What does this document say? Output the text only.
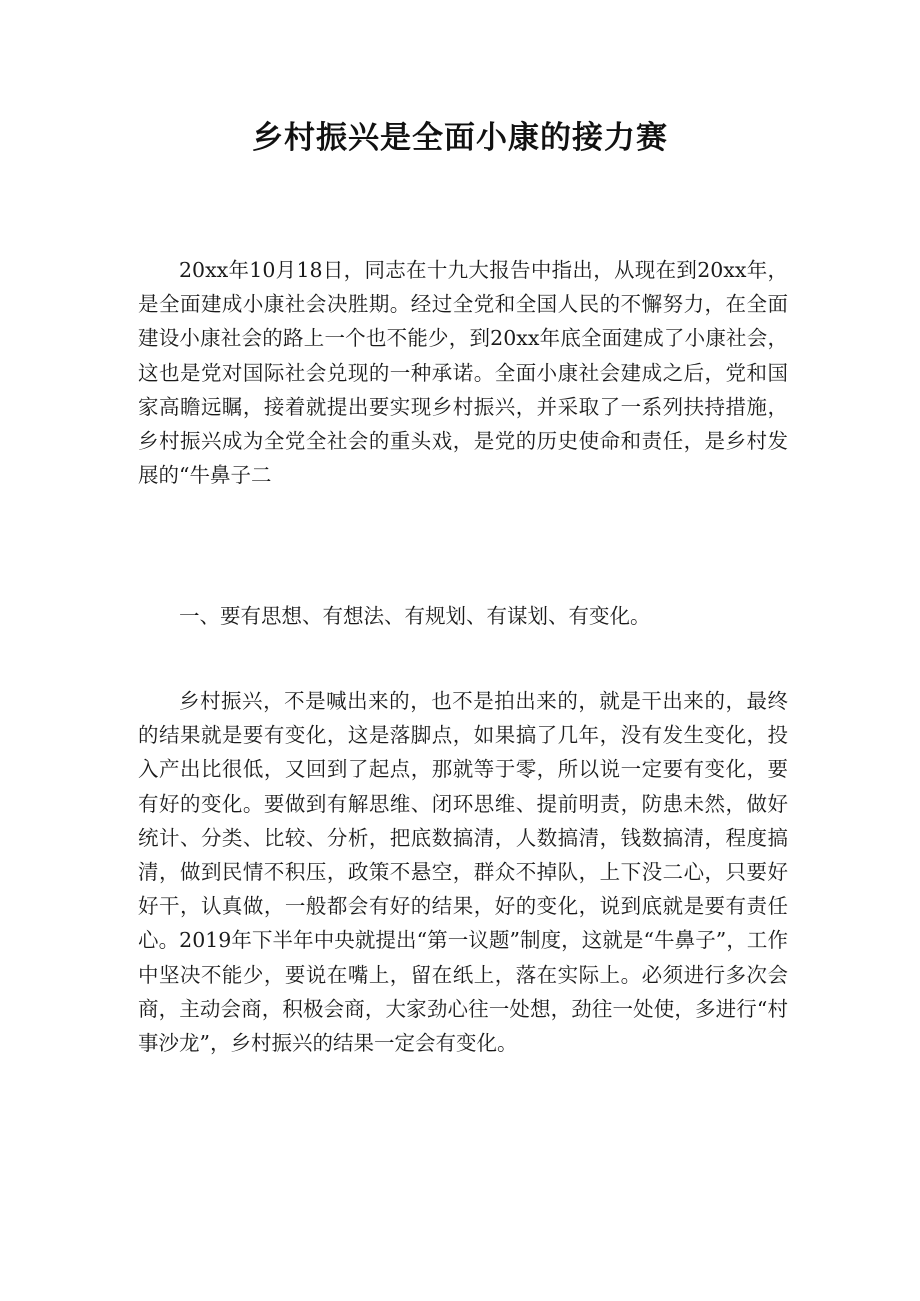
乡村振兴是全面小康的接力赛

20xx年10月18日，同志在十九大报告中指出，从现在到20xx年，是全面建成小康社会决胜期。经过全党和全国人民的不懈努力，在全面建设小康社会的路上一个也不能少，到20xx年底全面建成了小康社会，这也是党对国际社会兑现的一种承诺。全面小康社会建成之后，党和国家高瞻远瞩，接着就提出要实现乡村振兴，并采取了一系列扶持措施，乡村振兴成为全党全社会的重头戏，是党的历史使命和责任，是乡村发展的“牛鼻子二

一、要有思想、有想法、有规划、有谋划、有变化。

乡村振兴，不是喊出来的，也不是拍出来的，就是干出来的，最终的结果就是要有变化，这是落脚点，如果搞了几年，没有发生变化，投入产出比很低，又回到了起点，那就等于零，所以说一定要有变化，要有好的变化。要做到有解思维、闭环思维、提前明责，防患未然，做好统计、分类、比较、分析，把底数搞清，人数搞清，钱数搞清，程度搞清，做到民情不积压，政策不悬空，群众不掉队，上下没二心，只要好好干，认真做，一般都会有好的结果，好的变化，说到底就是要有责任心。2019年下半年中央就提出“第一议题”制度，这就是“牛鼻子”，工作中坚决不能少，要说在嘴上，留在纸上，落在实际上。必须进行多次会商，主动会商，积极会商，大家劲心往一处想，劲往一处使，多进行“村事沙龙”，乡村振兴的结果一定会有变化。
